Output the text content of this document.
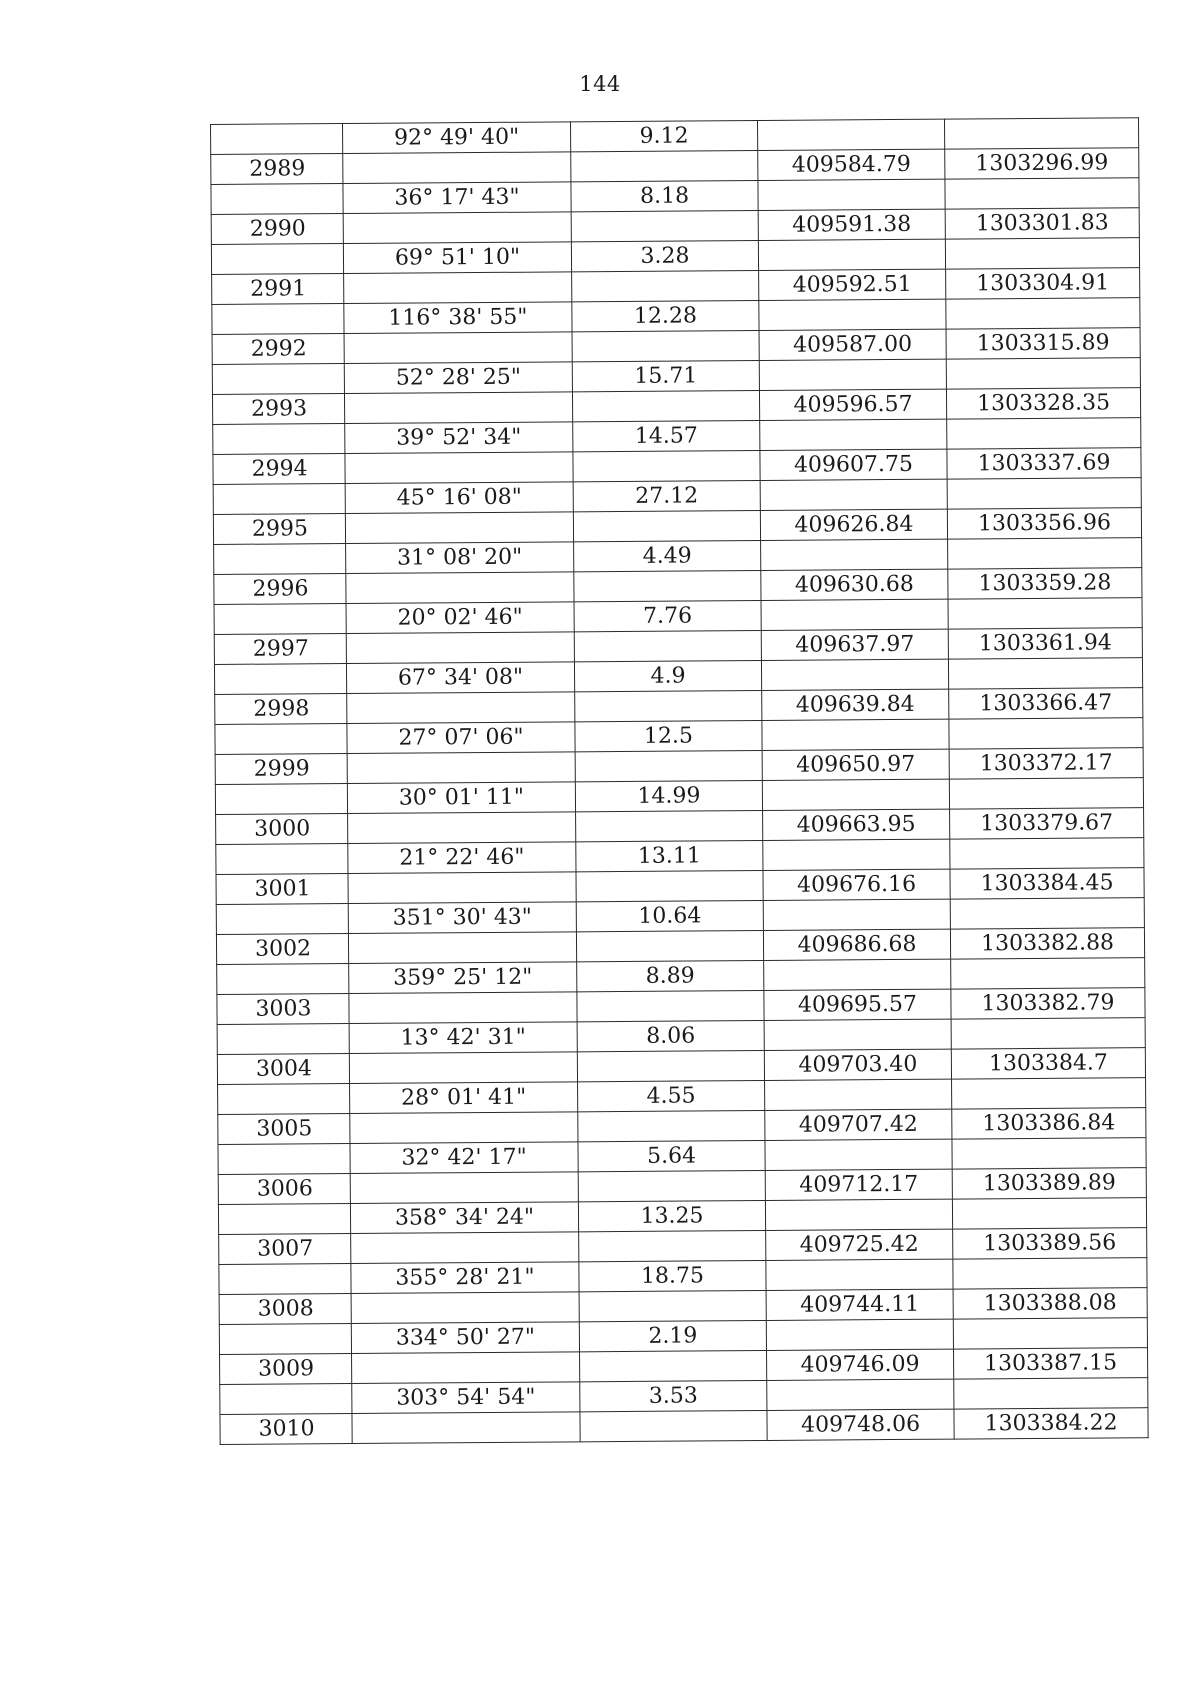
144
	92° 49' 40"	9.12		
2989			409584.79	1303296.99
	36° 17' 43"	8.18		
2990			409591.38	1303301.83
	69° 51' 10"	3.28		
2991			409592.51	1303304.91
	116° 38' 55"	12.28		
2992			409587.00	1303315.89
	52° 28' 25"	15.71		
2993			409596.57	1303328.35
	39° 52' 34"	14.57		
2994			409607.75	1303337.69
	45° 16' 08"	27.12		
2995			409626.84	1303356.96
	31° 08' 20"	4.49		
2996			409630.68	1303359.28
	20° 02' 46"	7.76		
2997			409637.97	1303361.94
	67° 34' 08"	4.9		
2998			409639.84	1303366.47
	27° 07' 06"	12.5		
2999			409650.97	1303372.17
	30° 01' 11"	14.99		
3000			409663.95	1303379.67
	21° 22' 46"	13.11		
3001			409676.16	1303384.45
	351° 30' 43"	10.64		
3002			409686.68	1303382.88
	359° 25' 12"	8.89		
3003			409695.57	1303382.79
	13° 42' 31"	8.06		
3004			409703.40	1303384.7
	28° 01' 41"	4.55		
3005			409707.42	1303386.84
	32° 42' 17"	5.64		
3006			409712.17	1303389.89
	358° 34' 24"	13.25		
3007			409725.42	1303389.56
	355° 28' 21"	18.75		
3008			409744.11	1303388.08
	334° 50' 27"	2.19		
3009			409746.09	1303387.15
	303° 54' 54"	3.53		
3010			409748.06	1303384.22
